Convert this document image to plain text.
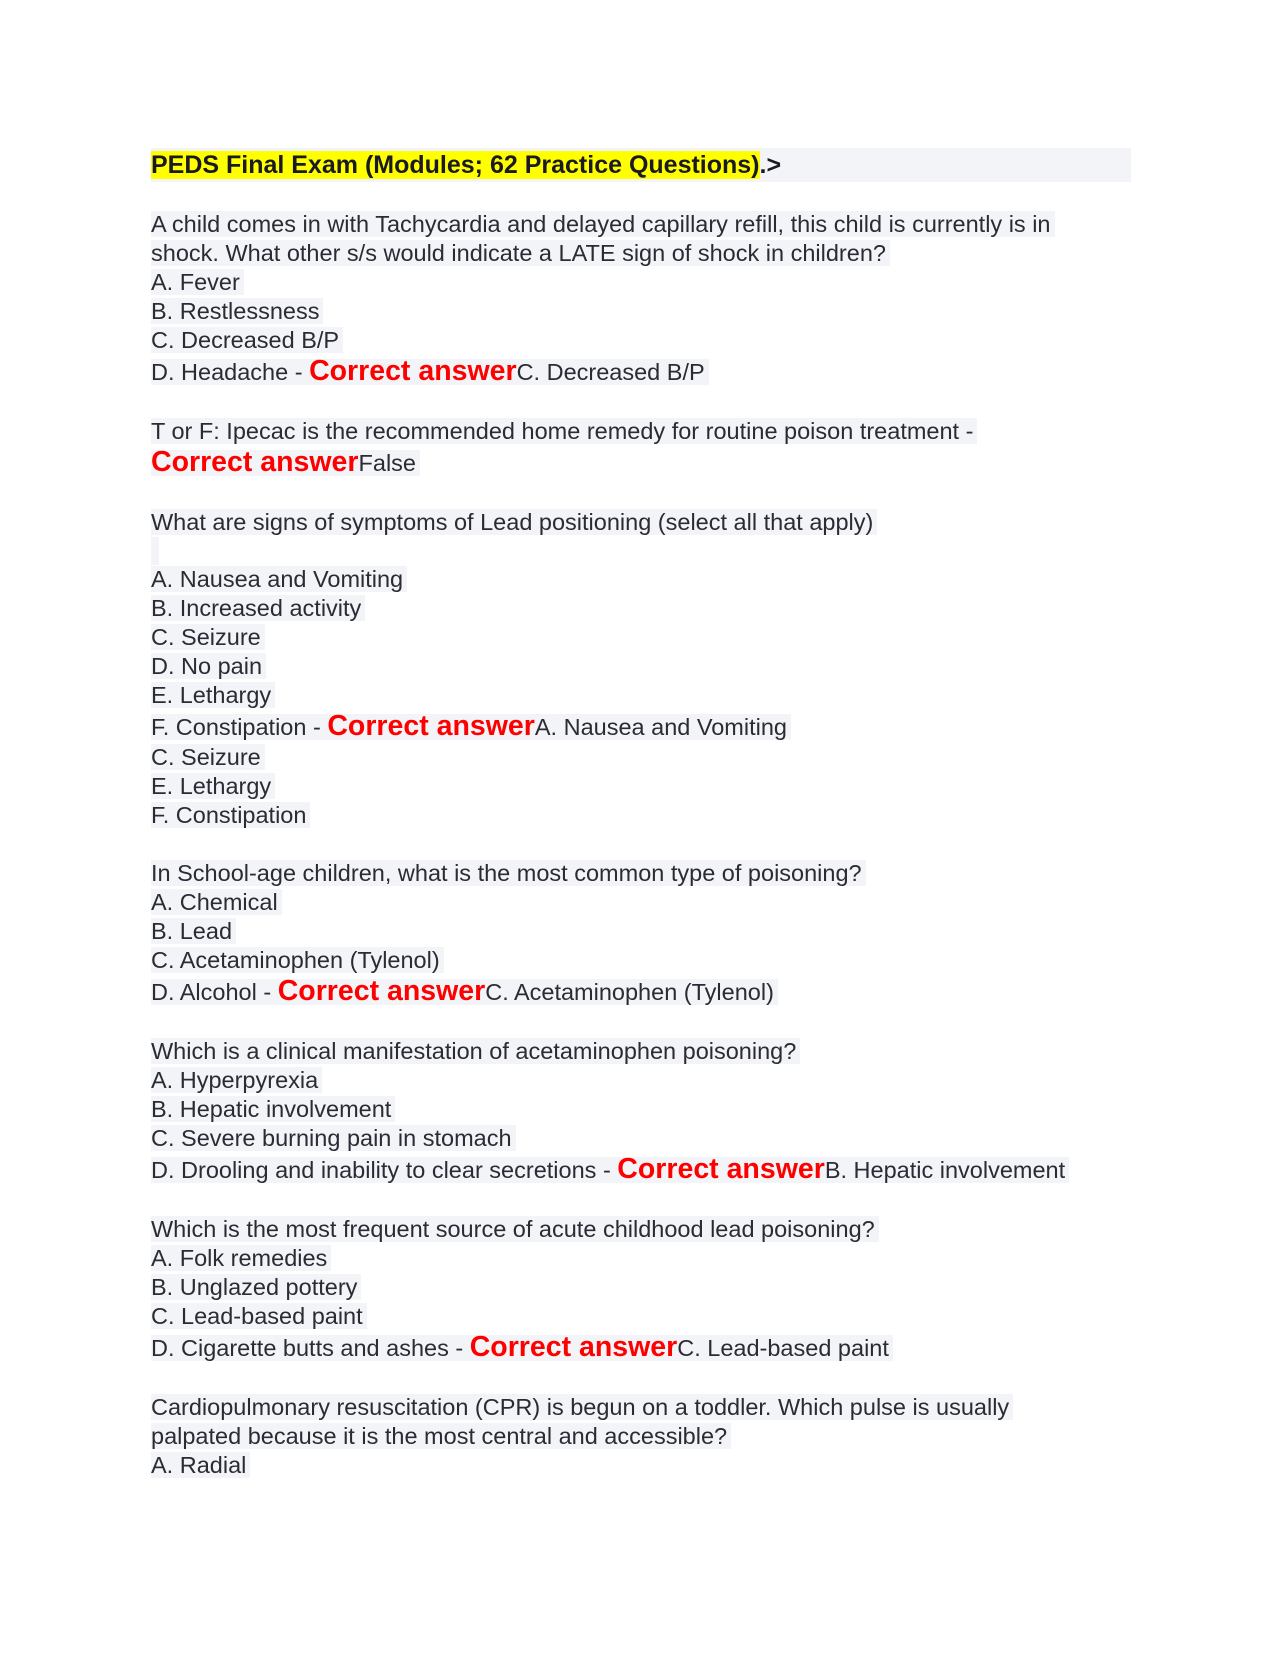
PEDS Final Exam (Modules; 62 Practice Questions).>
A child comes in with Tachycardia and delayed capillary refill, this child is currently is in
shock. What other s/s would indicate a LATE sign of shock in children?
A. Fever
B. Restlessness
C. Decreased B/P
D. Headache - Correct answerC. Decreased B/P
T or F: Ipecac is the recommended home remedy for routine poison treatment -
Correct answerFalse
What are signs of symptoms of Lead positioning (select all that apply)
A. Nausea and Vomiting
B. Increased activity
C. Seizure
D. No pain
E. Lethargy
F. Constipation - Correct answerA. Nausea and Vomiting
C. Seizure
E. Lethargy
F. Constipation
In School-age children, what is the most common type of poisoning?
A. Chemical
B. Lead
C. Acetaminophen (Tylenol)
D. Alcohol - Correct answerC. Acetaminophen (Tylenol)
Which is a clinical manifestation of acetaminophen poisoning?
A. Hyperpyrexia
B. Hepatic involvement
C. Severe burning pain in stomach
D. Drooling and inability to clear secretions - Correct answerB. Hepatic involvement
Which is the most frequent source of acute childhood lead poisoning?
A. Folk remedies
B. Unglazed pottery
C. Lead-based paint
D. Cigarette butts and ashes - Correct answerC. Lead-based paint
Cardiopulmonary resuscitation (CPR) is begun on a toddler. Which pulse is usually
palpated because it is the most central and accessible?
A. Radial
